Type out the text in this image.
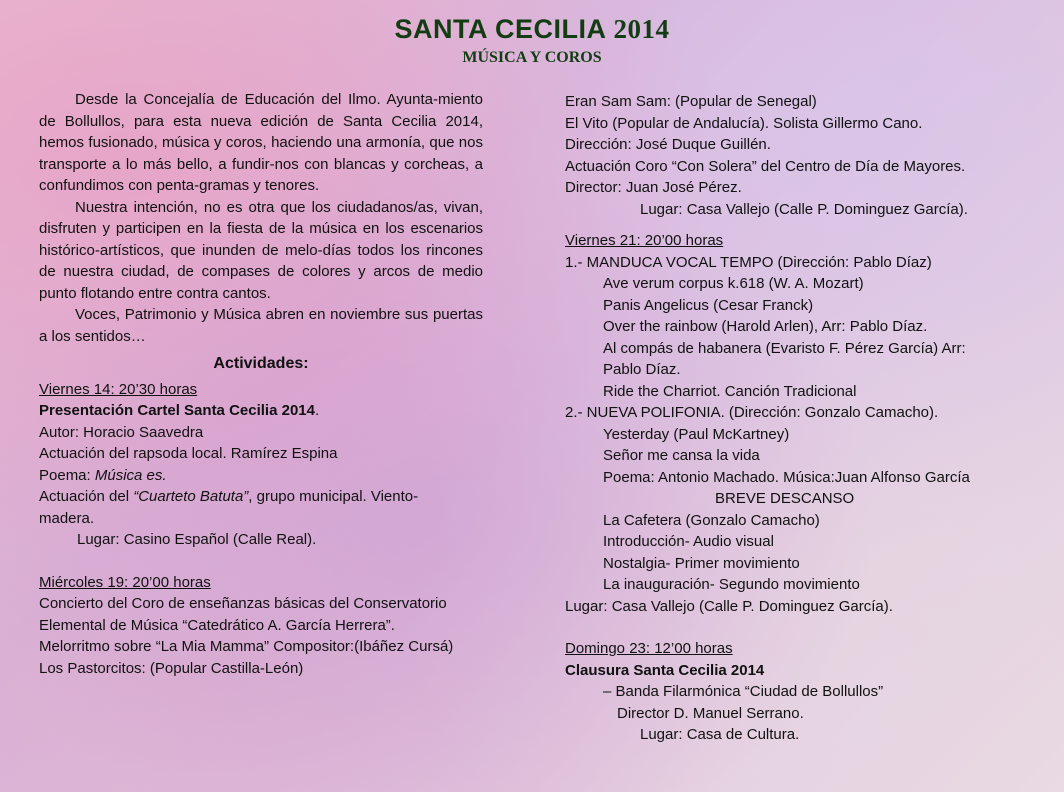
SANTA CECILIA 2014
MÚSICA Y COROS

Desde la Concejalía de Educación del Ilmo. Ayunta-miento de Bollullos, para esta nueva edición de Santa Cecilia 2014, hemos fusionado, música y coros, haciendo una armonía, que nos transporte a lo más bello, a fundir-nos con blancas y corcheas, a confundimos con penta-gramas y tenores.

Nuestra intención, no es otra que los ciudadanos/as, vivan, disfruten y participen en la fiesta de la música en los escenarios histórico-artísticos, que inunden de melo-días todos los rincones de nuestra ciudad, de compases de colores y arcos de medio punto flotando entre contra cantos.

Voces, Patrimonio y Música abren en noviembre sus puertas a los sentidos…

Actividades:
Viernes 14: 20’30 horas
Presentación Cartel Santa Cecilia 2014.
Autor: Horacio Saavedra
Actuación del rapsoda local. Ramírez Espina
Poema: Música es.
Actuación del “Cuarteto Batuta”, grupo municipal. Viento-
madera.
Lugar: Casino Español (Calle Real).
Miércoles 19: 20’00 horas
Concierto del Coro de enseñanzas básicas del Conservatorio
Elemental de Música “Catedrático A. García Herrera”.
Melorritmo sobre “La Mia Mamma” Compositor:(Ibáñez Cursá)
Los Pastorcitos: (Popular Castilla-León)
Eran Sam Sam: (Popular de Senegal)
El Vito (Popular de Andalucía). Solista Gillermo Cano.
Dirección: José Duque Guillén.
Actuación Coro “Con Solera” del Centro de Día de Mayores.
Director: Juan José Pérez.
Lugar: Casa Vallejo (Calle P. Dominguez García).
Viernes 21: 20’00 horas
1.- MANDUCA VOCAL TEMPO (Dirección: Pablo Díaz)
Ave verum corpus k.618 (W. A. Mozart)
Panis Angelicus (Cesar Franck)
Over the rainbow (Harold Arlen), Arr: Pablo Díaz.
Al compás de habanera (Evaristo F. Pérez García) Arr:
Pablo Díaz.
Ride the Charriot. Canción Tradicional
2.- NUEVA POLIFONIA. (Dirección: Gonzalo Camacho).
Yesterday (Paul McKartney)
Señor me cansa la vida
Poema: Antonio Machado. Música:Juan Alfonso García
BREVE DESCANSO
La Cafetera (Gonzalo Camacho)
Introducción- Audio visual
Nostalgia- Primer movimiento
La inauguración- Segundo movimiento
Lugar: Casa Vallejo (Calle P. Dominguez García).
Domingo 23: 12’00 horas
Clausura Santa Cecilia 2014
– Banda Filarmónica “Ciudad de Bollullos”
Director D. Manuel Serrano.
Lugar: Casa de Cultura.
